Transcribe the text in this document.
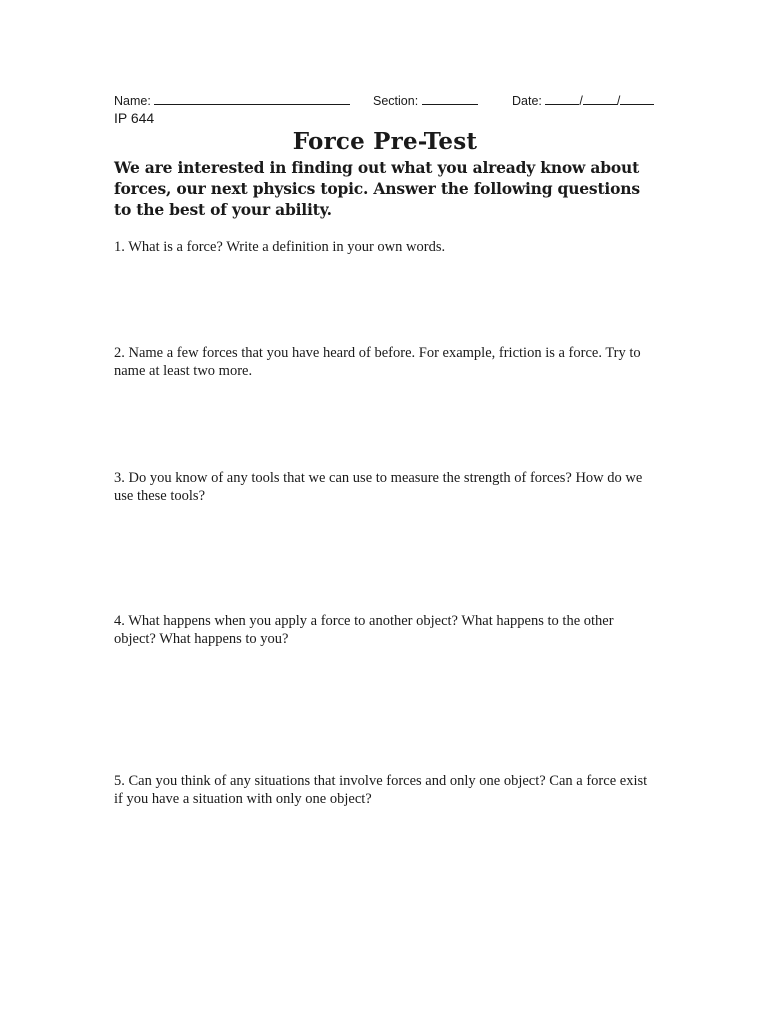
Name:	Section:	Date:	/	/
IP 644
Force Pre-Test
We are interested in finding out what you already know about forces, our next physics topic. Answer the following questions to the best of your ability.
1. What is a force? Write a definition in your own words.
2. Name a few forces that you have heard of before. For example, friction is a force. Try to name at least two more.
3. Do you know of any tools that we can use to measure the strength of forces? How do we use these tools?
4. What happens when you apply a force to another object? What happens to the other object? What happens to you?
5. Can you think of any situations that involve forces and only one object? Can a force exist if you have a situation with only one object?
